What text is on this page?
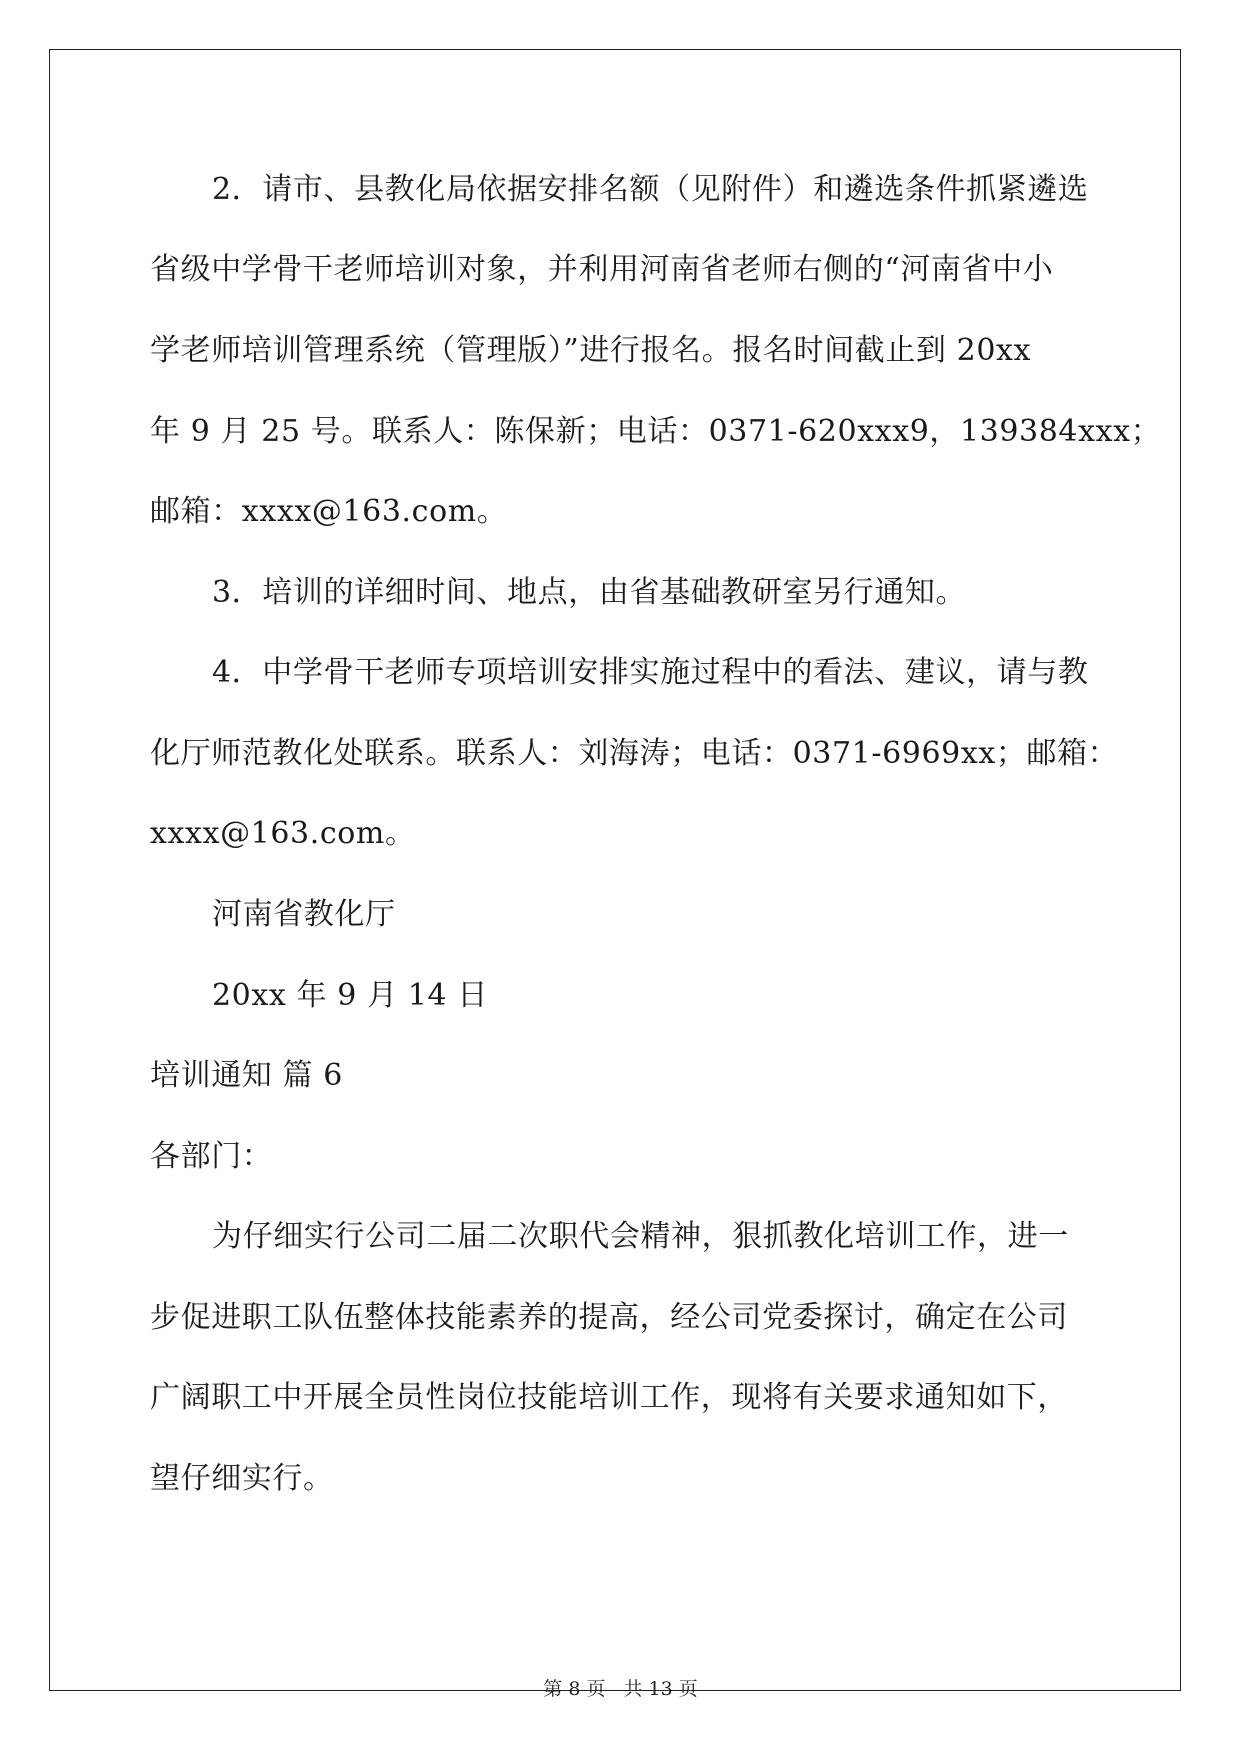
2．请市、县教化局依据安排名额（见附件）和遴选条件抓紧遴选
省级中学骨干老师培训对象，并利用河南省老师右侧的“河南省中小
学老师培训管理系统（管理版）”进行报名。报名时间截止到 20xx
年 9 月 25 号。联系人：陈保新；电话：0371-620xxx9，139384xxx；
邮箱：xxxx@163.com。
3．培训的详细时间、地点，由省基础教研室另行通知。
4．中学骨干老师专项培训安排实施过程中的看法、建议，请与教
化厅师范教化处联系。联系人：刘海涛；电话：0371-6969xx；邮箱：
xxxx@163.com。
河南省教化厅
20xx 年 9 月 14 日
培训通知 篇 6
各部门：
为仔细实行公司二届二次职代会精神，狠抓教化培训工作，进一
步促进职工队伍整体技能素养的提高，经公司党委探讨，确定在公司
广阔职工中开展全员性岗位技能培训工作，现将有关要求通知如下，
望仔细实行。
第 8 页 共 13 页
